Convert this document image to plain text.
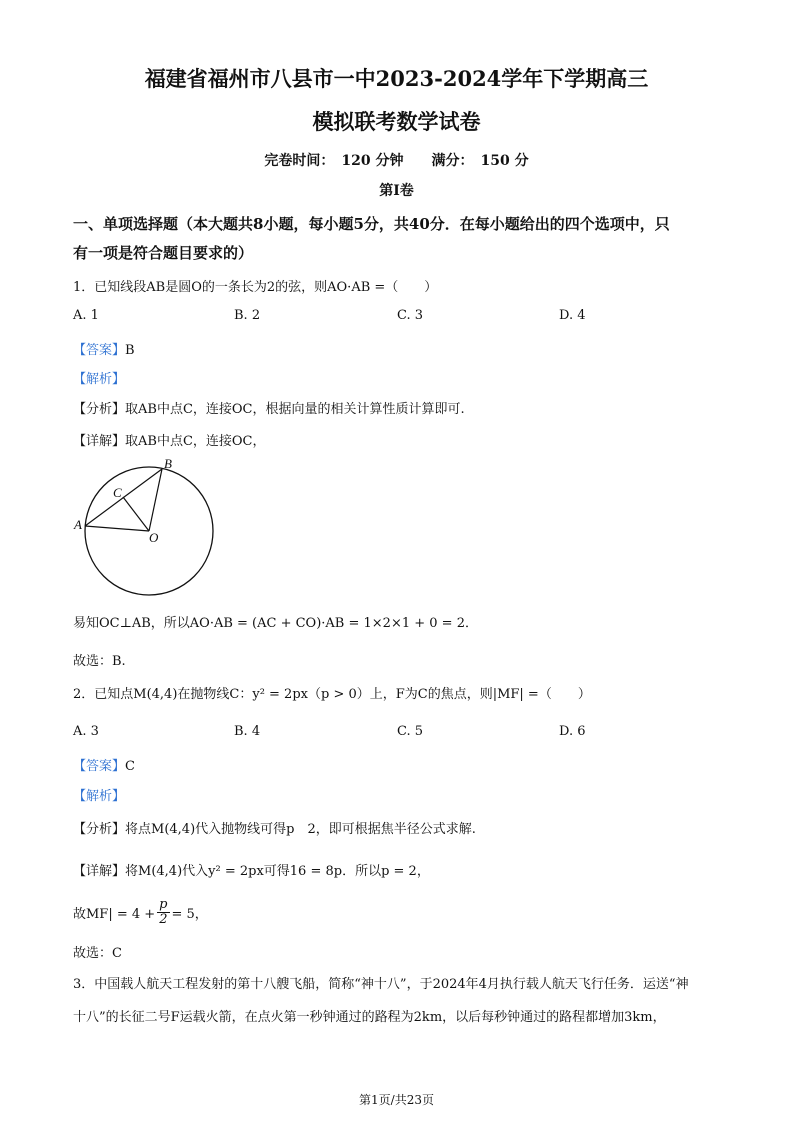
福建省福州市八县市一中2023-2024学年下学期高三
模拟联考数学试卷
完卷时间：　120 分钟　　满分：　150 分
第Ⅰ卷
一、单项选择题（本大题共8小题，每小题5分，共40分．在每小题给出的四个选项中，只
有一项是符合题目要求的）
1．已知线段AB是圆O的一条长为2的弦，则AO·AB =（　　）
A. 1	B. 2	C. 3	D. 4
【答案】B
【解析】
【分析】取AB中点C，连接OC，根据向量的相关计算性质计算即可.
【详解】取AB中点C，连接OC，
A
B
C
O
易知OC⊥AB，所以AO·AB = (AC + CO)·AB = 1×2×1 + 0 = 2．
故选：B.
2．已知点M(4,4)在抛物线C：y² = 2px（p > 0）上，F为C的焦点，则|MF| =（　　）
A. 3	B. 4	C. 5	D. 6
【答案】C
【解析】
【分析】将点M(4,4)代入抛物线可得p　2，即可根据焦半径公式求解.
【详解】将M(4,4)代入y² = 2px可得16 = 8p．所以p = 2，
故$MF| = 4 + \frac{p}{2} = 5$，
故选：C
3．中国载人航天工程发射的第十八艘飞船，简称“神十八”，于2024年4月执行载人航天飞行任务．运送“神
十八”的长征二号F运载火箭，在点火第一秒钟通过的路程为2km，以后每秒钟通过的路程都增加3km，
第1页/共23页
